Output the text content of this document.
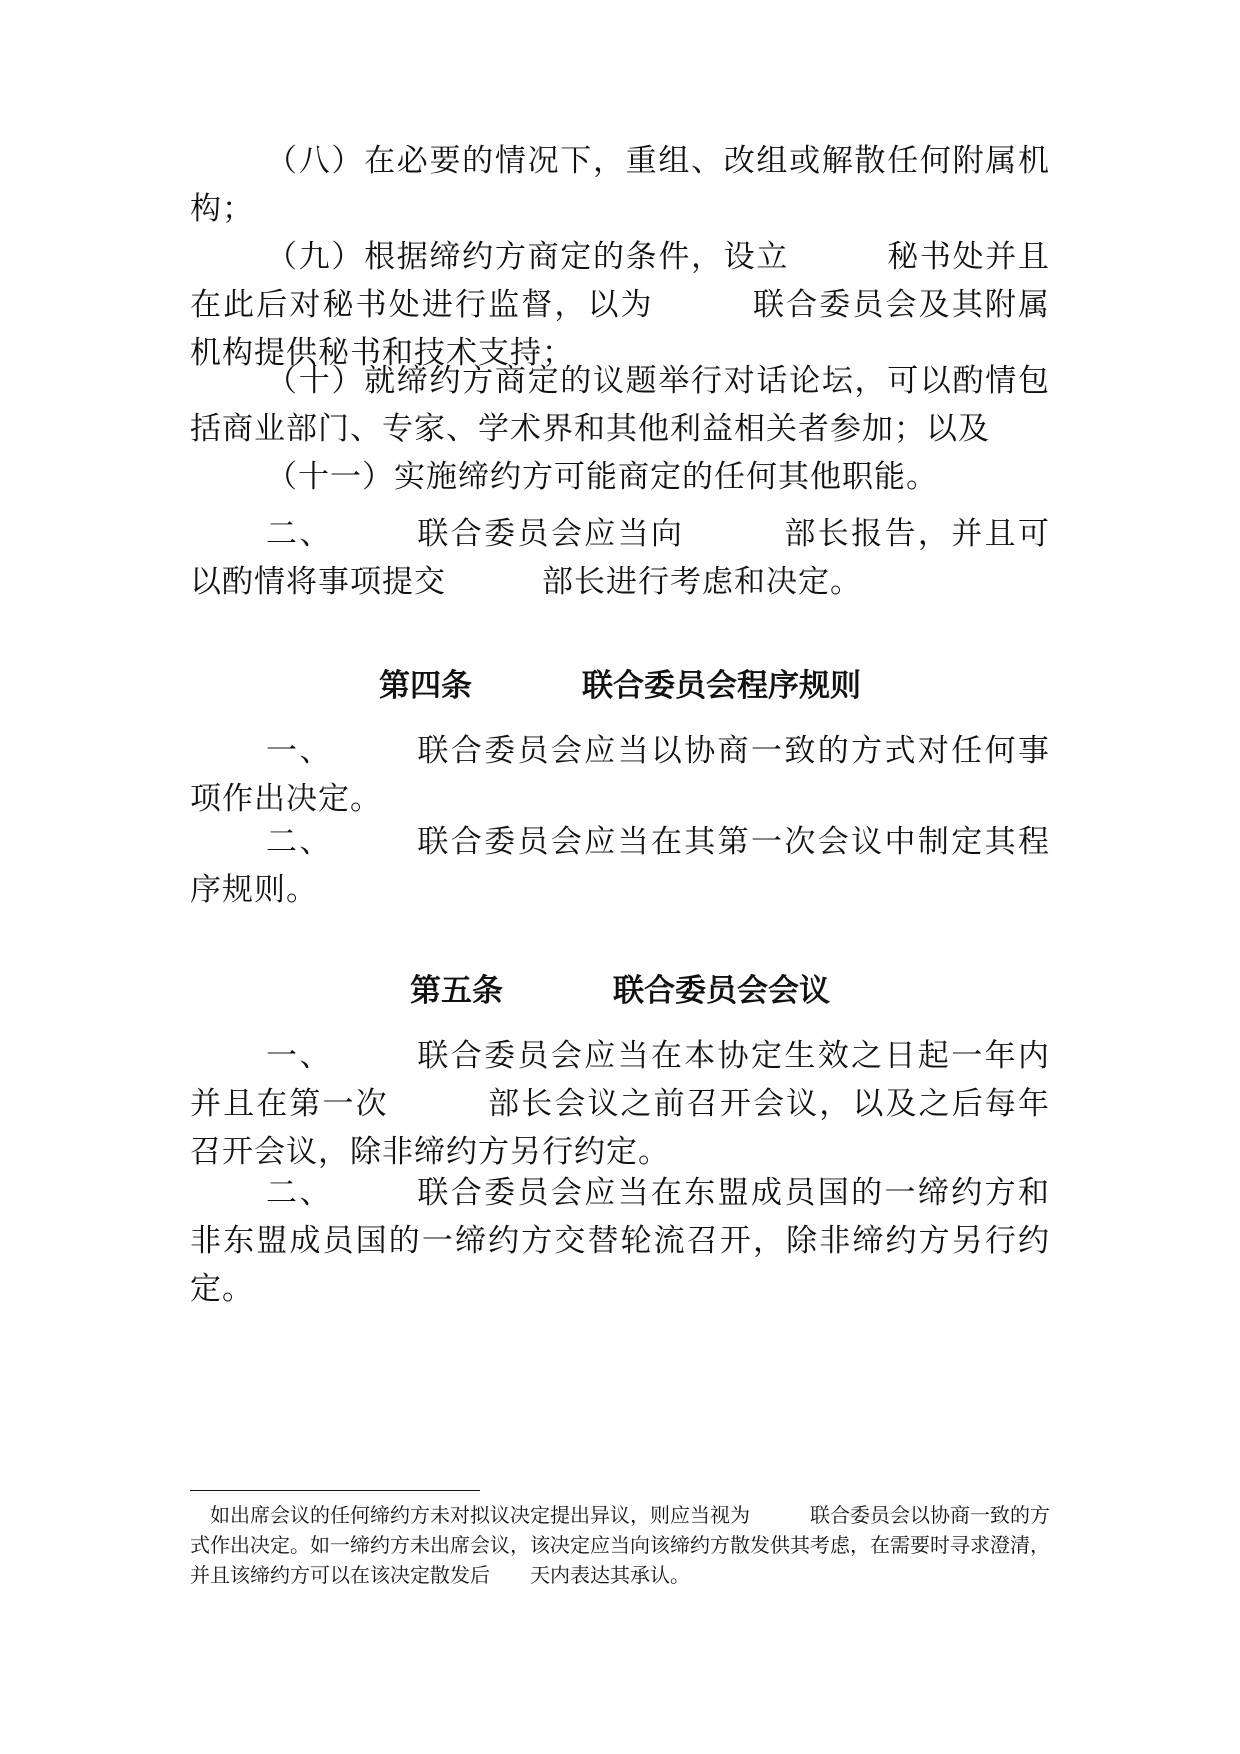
（八）在必要的情况下，重组、改组或解散任何附属机构；

（九）根据缔约方商定的条件，设立　　　秘书处并且在此后对秘书处进行监督，以为　　　联合委员会及其附属机构提供秘书和技术支持；

（十）就缔约方商定的议题举行对话论坛，可以酌情包括商业部门、专家、学术界和其他利益相关者参加；以及

（十一）实施缔约方可能商定的任何其他职能。

二、　　　联合委员会应当向　　　部长报告，并且可以酌情将事项提交　　　部长进行考虑和决定。

第四条	联合委员会程序规则

一、　　　联合委员会应当以协商一致的方式对任何事项作出决定。

二、　　　联合委员会应当在其第一次会议中制定其程序规则。

第五条	联合委员会会议

一、　　　联合委员会应当在本协定生效之日起一年内并且在第一次　　　部长会议之前召开会议，以及之后每年召开会议，除非缔约方另行约定。

二、　　　联合委员会应当在东盟成员国的一缔约方和非东盟成员国的一缔约方交替轮流召开，除非缔约方另行约定。

如出席会议的任何缔约方未对拟议决定提出异议，则应当视为　　　联合委员会以协商一致的方式作出决定。如一缔约方未出席会议，该决定应当向该缔约方散发供其考虑，在需要时寻求澄清，并且该缔约方可以在该决定散发后　　天内表达其承认。
